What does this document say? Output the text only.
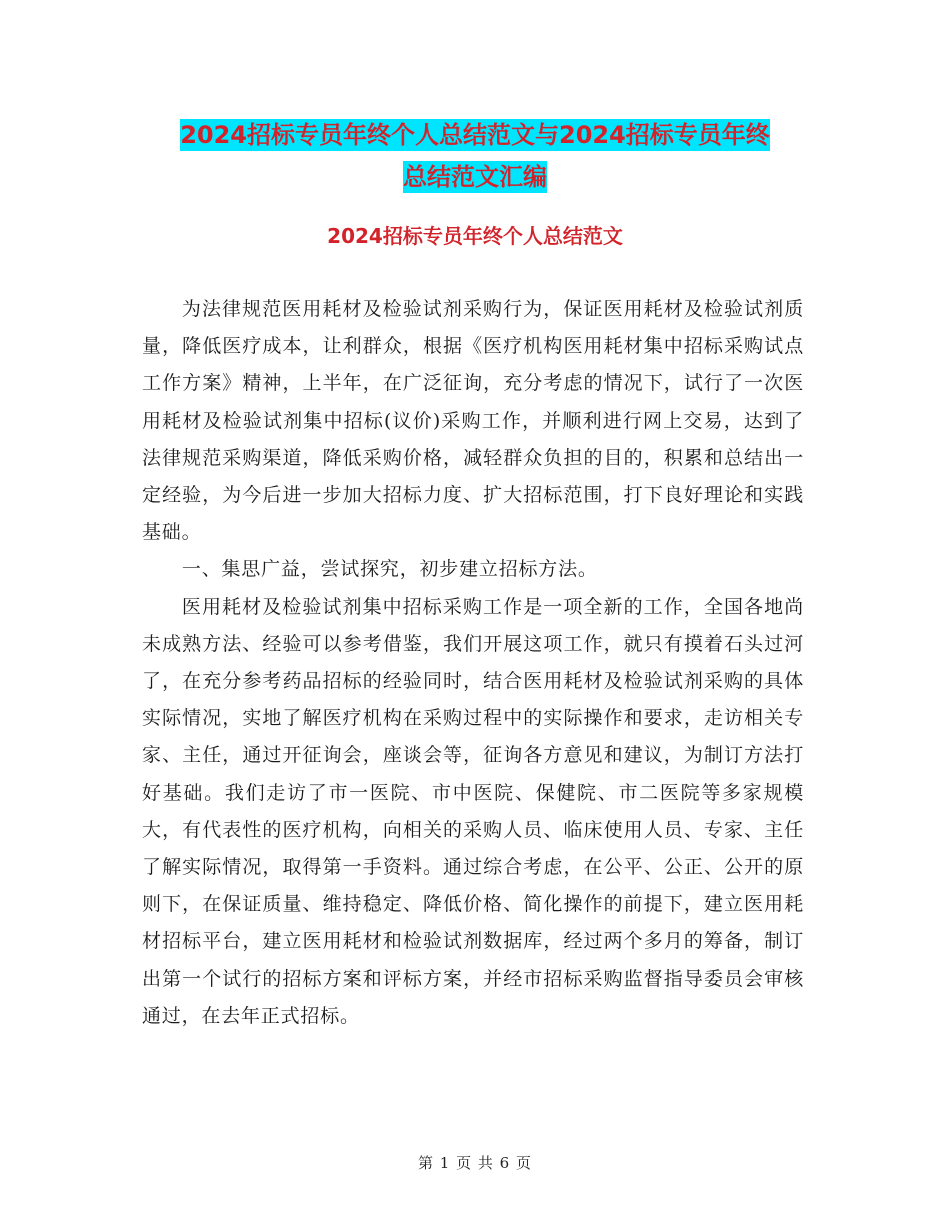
2024招标专员年终个人总结范文与2024招标专员年终
总结范文汇编
2024招标专员年终个人总结范文

为法律规范医用耗材及检验试剂采购行为，保证医用耗材及检验试剂质量，降低医疗成本，让利群众，根据《医疗机构医用耗材集中招标采购试点工作方案》精神，上半年，在广泛征询，充分考虑的情况下，试行了一次医用耗材及检验试剂集中招标(议价)采购工作，并顺利进行网上交易，达到了法律规范采购渠道，降低采购价格，减轻群众负担的目的，积累和总结出一定经验，为今后进一步加大招标力度、扩大招标范围，打下良好理论和实践基础。

一、集思广益，尝试探究，初步建立招标方法。

医用耗材及检验试剂集中招标采购工作是一项全新的工作，全国各地尚未成熟方法、经验可以参考借鉴，我们开展这项工作，就只有摸着石头过河了，在充分参考药品招标的经验同时，结合医用耗材及检验试剂采购的具体实际情况，实地了解医疗机构在采购过程中的实际操作和要求，走访相关专家、主任，通过开征询会，座谈会等，征询各方意见和建议，为制订方法打好基础。我们走访了市一医院、市中医院、保健院、市二医院等多家规模大，有代表性的医疗机构，向相关的采购人员、临床使用人员、专家、主任了解实际情况，取得第一手资料。通过综合考虑，在公平、公正、公开的原则下，在保证质量、维持稳定、降低价格、简化操作的前提下，建立医用耗材招标平台，建立医用耗材和检验试剂数据库，经过两个多月的筹备，制订出第一个试行的招标方案和评标方案，并经市招标采购监督指导委员会审核通过，在去年正式招标。

第 1 页 共 6 页
